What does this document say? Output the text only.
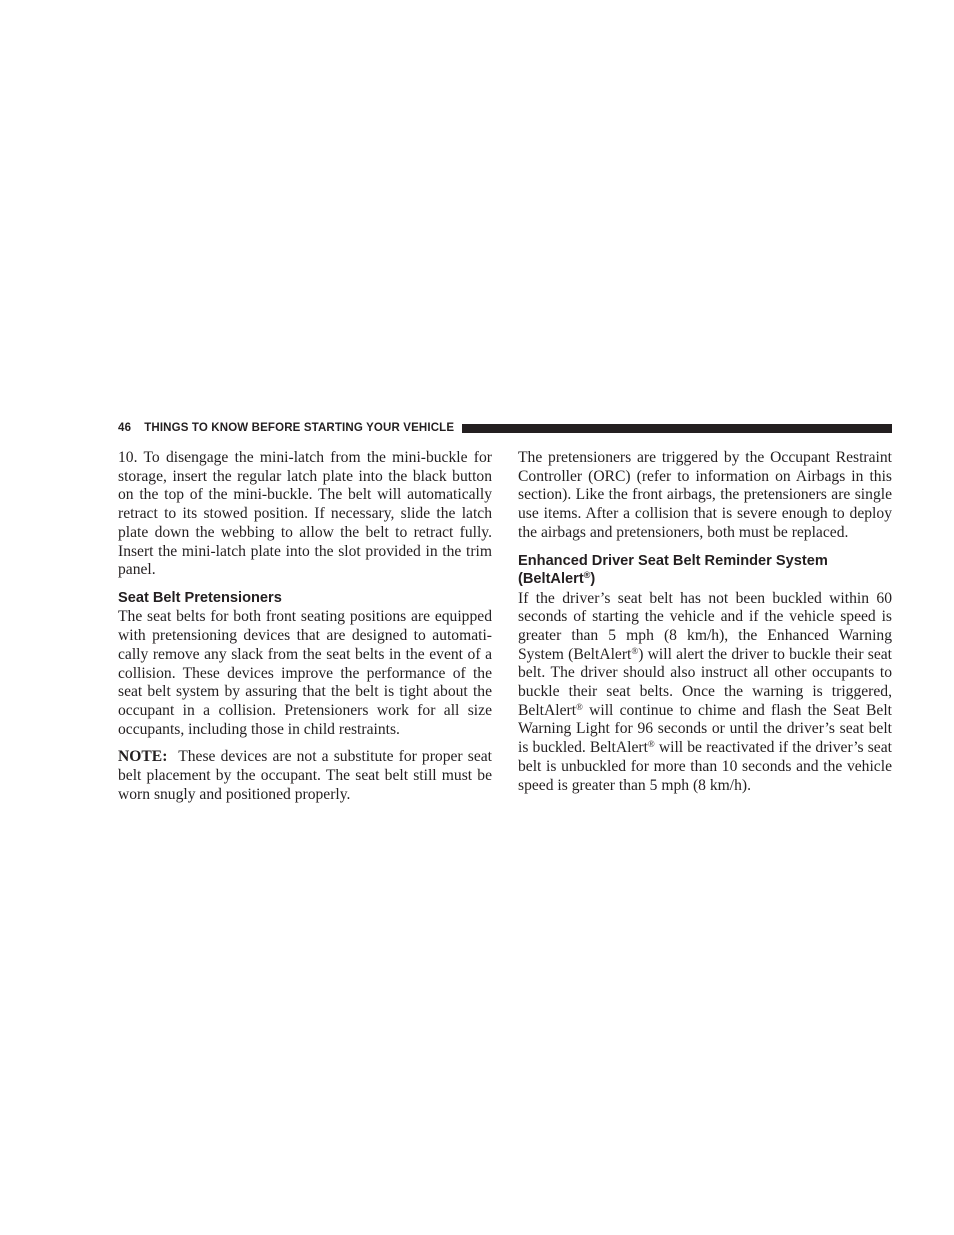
46 THINGS TO KNOW BEFORE STARTING YOUR VEHICLE

10. To disengage the mini-latch from the mini-buckle for storage, insert the regular latch plate into the black button on the top of the mini-buckle. The belt will automatically retract to its stowed position. If necessary, slide the latch plate down the webbing to allow the belt to retract fully. Insert the mini-latch plate into the slot provided in the trim panel.

Seat Belt Pretensioners

The seat belts for both front seating positions are equipped with pretensioning devices that are designed to automatically remove any slack from the seat belts in the event of a collision. These devices improve the performance of the seat belt system by assuring that the belt is tight about the occupant in a collision. Pretensioners work for all size occupants, including those in child restraints.

NOTE: These devices are not a substitute for proper seat belt placement by the occupant. The seat belt still must be worn snugly and positioned properly.

The pretensioners are triggered by the Occupant Restraint Controller (ORC) (refer to information on Airbags in this section). Like the front airbags, the pretensioners are single use items. After a collision that is severe enough to deploy the airbags and pretensioners, both must be replaced.

Enhanced Driver Seat Belt Reminder System
(BeltAlert®)

If the driver’s seat belt has not been buckled within 60 seconds of starting the vehicle and if the vehicle speed is greater than 5 mph (8 km/h), the Enhanced Warning System (BeltAlert®) will alert the driver to buckle their seat belt. The driver should also instruct all other occupants to buckle their seat belts. Once the warning is triggered, BeltAlert® will continue to chime and flash the Seat Belt Warning Light for 96 seconds or until the driver’s seat belt is buckled. BeltAlert® will be reactivated if the driver’s seat belt is unbuckled for more than 10 seconds and the vehicle speed is greater than 5 mph (8 km/h).
